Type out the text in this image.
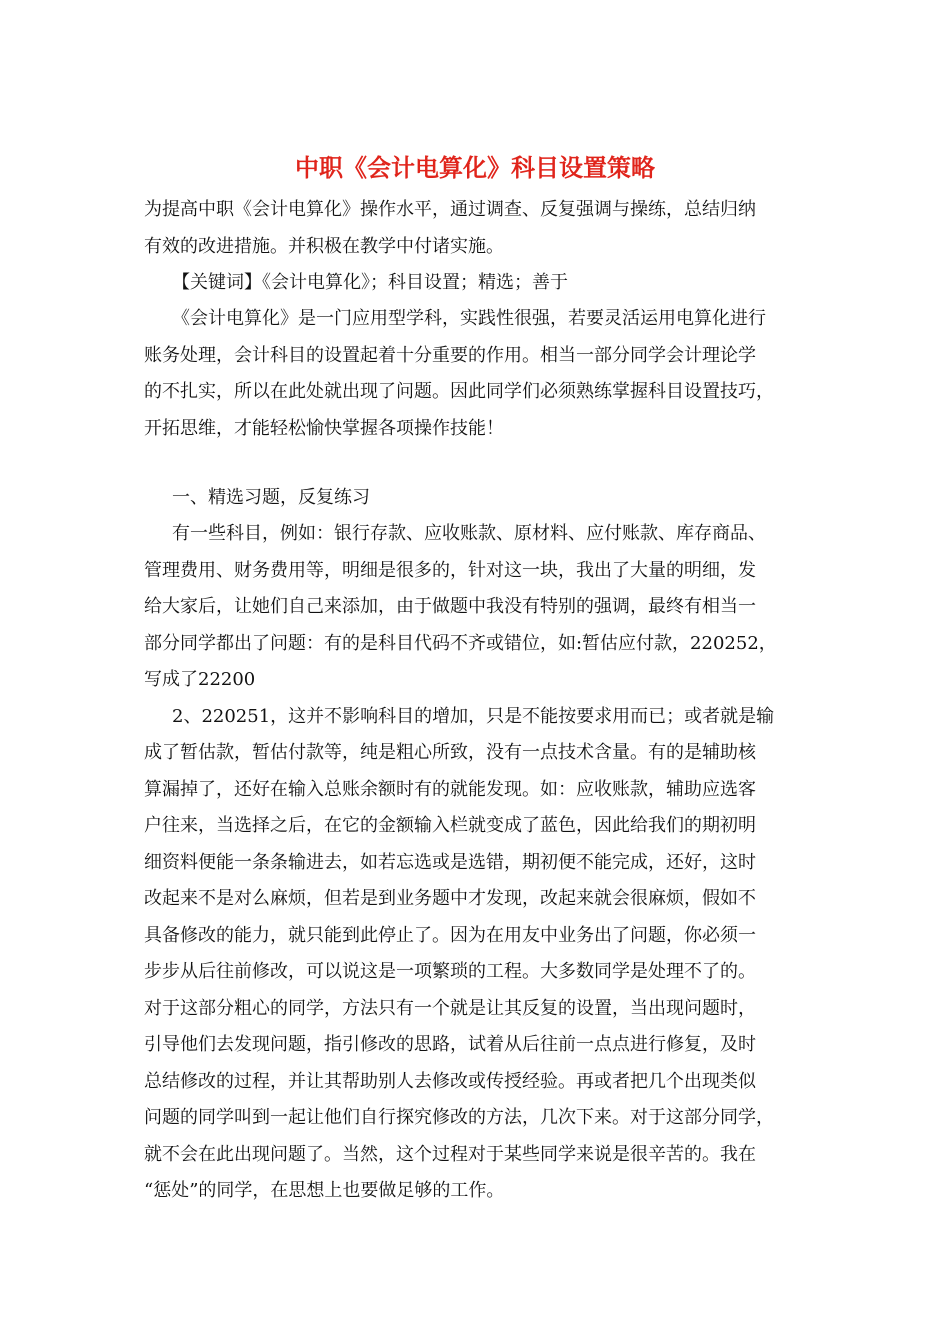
中职《会计电算化》科目设置策略
为提高中职《会计电算化》操作水平，通过调查、反复强调与操练，总结归纳
有效的改进措施。并积极在教学中付诸实施。
【关键词】《会计电算化》；科目设置；精选；善于
《会计电算化》是一门应用型学科，实践性很强，若要灵活运用电算化进行
账务处理，会计科目的设置起着十分重要的作用。相当一部分同学会计理论学
的不扎实，所以在此处就出现了问题。因此同学们必须熟练掌握科目设置技巧，
开拓思维，才能轻松愉快掌握各项操作技能！
一、精选习题，反复练习
有一些科目，例如：银行存款、应收账款、原材料、应付账款、库存商品、
管理费用、财务费用等，明细是很多的，针对这一块，我出了大量的明细，发
给大家后，让她们自己来添加，由于做题中我没有特别的强调，最终有相当一
部分同学都出了问题：有的是科目代码不齐或错位，如:暂估应付款，220252，
写成了22200
2、220251，这并不影响科目的增加，只是不能按要求用而已；或者就是输
成了暂估款，暂估付款等，纯是粗心所致，没有一点技术含量。有的是辅助核
算漏掉了，还好在输入总账余额时有的就能发现。如：应收账款，辅助应选客
户往来，当选择之后，在它的金额输入栏就变成了蓝色，因此给我们的期初明
细资料便能一条条输进去，如若忘选或是选错，期初便不能完成，还好，这时
改起来不是对么麻烦，但若是到业务题中才发现，改起来就会很麻烦，假如不
具备修改的能力，就只能到此停止了。因为在用友中业务出了问题，你必须一
步步从后往前修改，可以说这是一项繁琐的工程。大多数同学是处理不了的。
对于这部分粗心的同学，方法只有一个就是让其反复的设置，当出现问题时，
引导他们去发现问题，指引修改的思路，试着从后往前一点点进行修复，及时
总结修改的过程，并让其帮助别人去修改或传授经验。再或者把几个出现类似
问题的同学叫到一起让他们自行探究修改的方法，几次下来。对于这部分同学，
就不会在此出现问题了。当然，这个过程对于某些同学来说是很辛苦的。我在
“惩处”的同学，在思想上也要做足够的工作。
